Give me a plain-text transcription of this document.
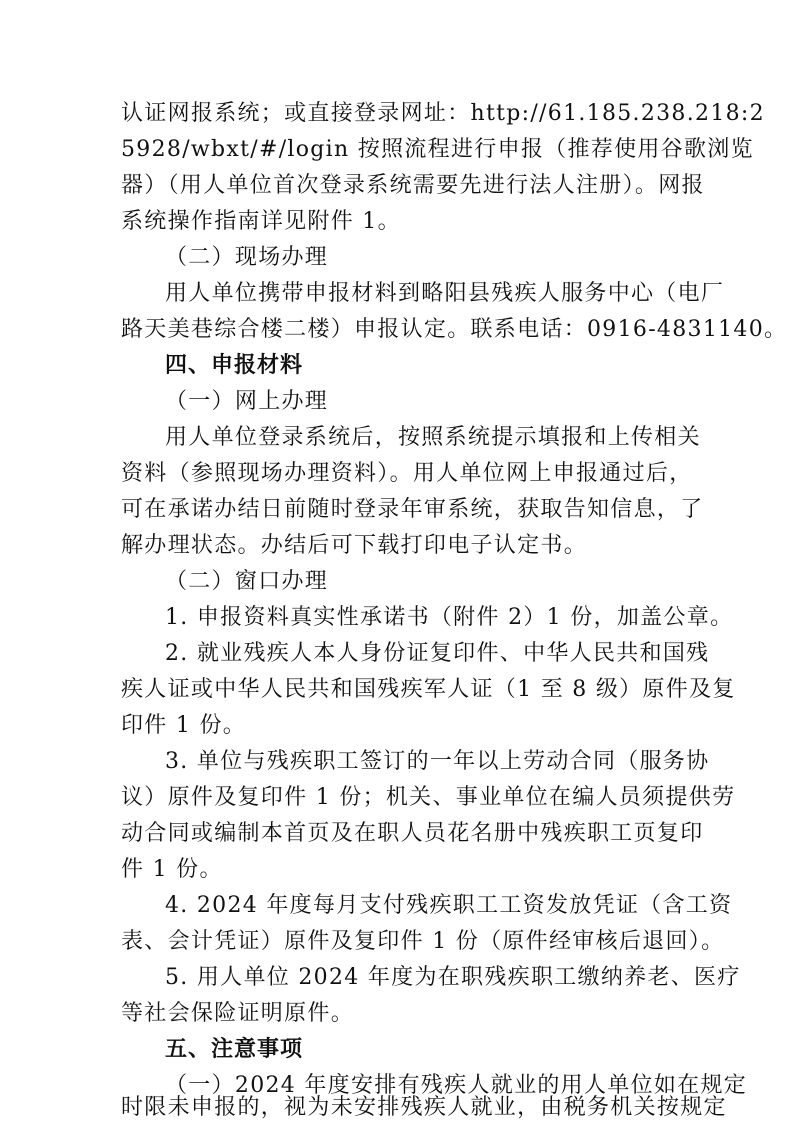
认证网报系统；或直接登录网址：http://61.185.238.218:2
5928/wbxt/#/login 按照流程进行申报（推荐使用谷歌浏览
器）（用人单位首次登录系统需要先进行法人注册）。网报
系统操作指南详见附件 1。
（二）现场办理
用人单位携带申报材料到略阳县残疾人服务中心（电厂
路天美巷综合楼二楼）申报认定。联系电话：0916-4831140。
四、申报材料
（一）网上办理
用人单位登录系统后，按照系统提示填报和上传相关
资料（参照现场办理资料）。用人单位网上申报通过后，
可在承诺办结日前随时登录年审系统，获取告知信息，了
解办理状态。办结后可下载打印电子认定书。
（二）窗口办理
1. 申报资料真实性承诺书（附件 2）1 份，加盖公章。
2. 就业残疾人本人身份证复印件、中华人民共和国残
疾人证或中华人民共和国残疾军人证（1 至 8 级）原件及复
印件 1 份。
3. 单位与残疾职工签订的一年以上劳动合同（服务协
议）原件及复印件 1 份；机关、事业单位在编人员须提供劳
动合同或编制本首页及在职人员花名册中残疾职工页复印
件 1 份。
4. 2024 年度每月支付残疾职工工资发放凭证（含工资
表、会计凭证）原件及复印件 1 份（原件经审核后退回）。
5. 用人单位 2024 年度为在职残疾职工缴纳养老、医疗
等社会保险证明原件。
五、注意事项
（一）2024 年度安排有残疾人就业的用人单位如在规定
时限未申报的，视为未安排残疾人就业，由税务机关按规定
